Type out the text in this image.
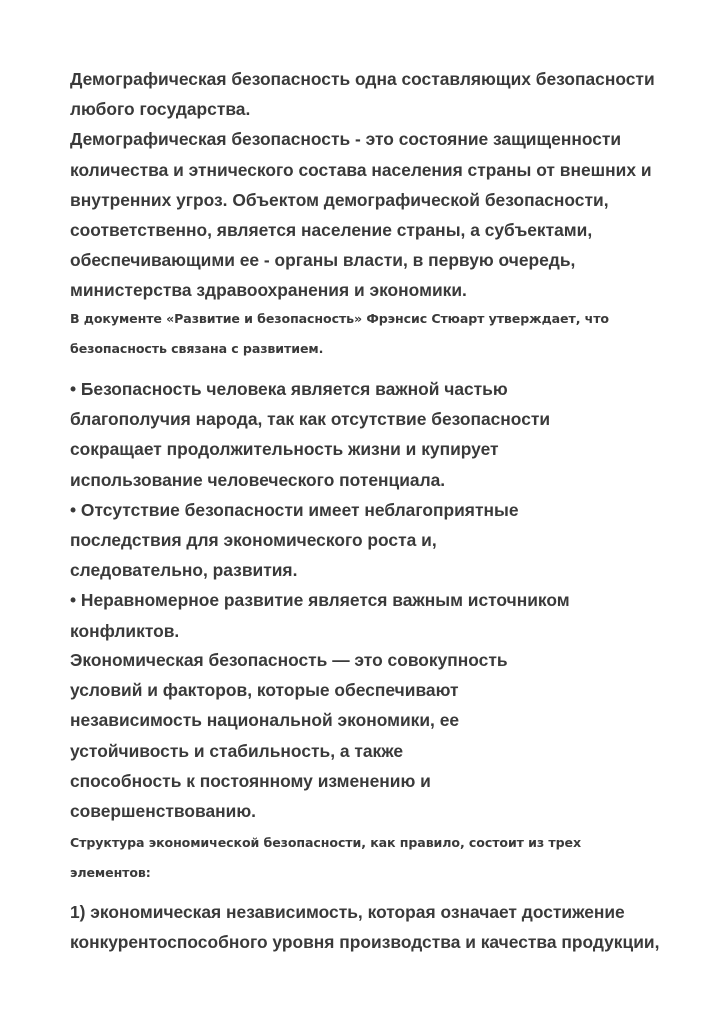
Демографическая безопасность одна составляющих безопасности
любого государства.
Демографическая безопасность - это состояние защищенности
количества и этнического состава населения страны от внешних и
внутренних угроз. Объектом демографической безопасности,
соответственно, является население страны, а субъектами,
обеспечивающими ее - органы власти, в первую очередь,
министерства здравоохранения и экономики.
В документе «Развитие и безопасность» Фрэнсис Стюарт утверждает, что
безопасность связана с развитием.
• Безопасность человека является важной частью
благополучия народа, так как отсутствие безопасности
сокращает продолжительность жизни и купирует
использование человеческого потенциала.
• Отсутствие безопасности имеет неблагоприятные
последствия для экономического роста и,
следовательно, развития.
• Неравномерное развитие является важным источником
конфликтов.
Экономическая безопасность — это совокупность
условий и факторов, которые обеспечивают
независимость национальной экономики, ее
устойчивость и стабильность, а также
способность к постоянному изменению и
совершенствованию.
Структура экономической безопасности, как правило, состоит из трех
элементов:
1) экономическая независимость, которая означает достижение
конкурентоспособного уровня производства и качества продукции,
